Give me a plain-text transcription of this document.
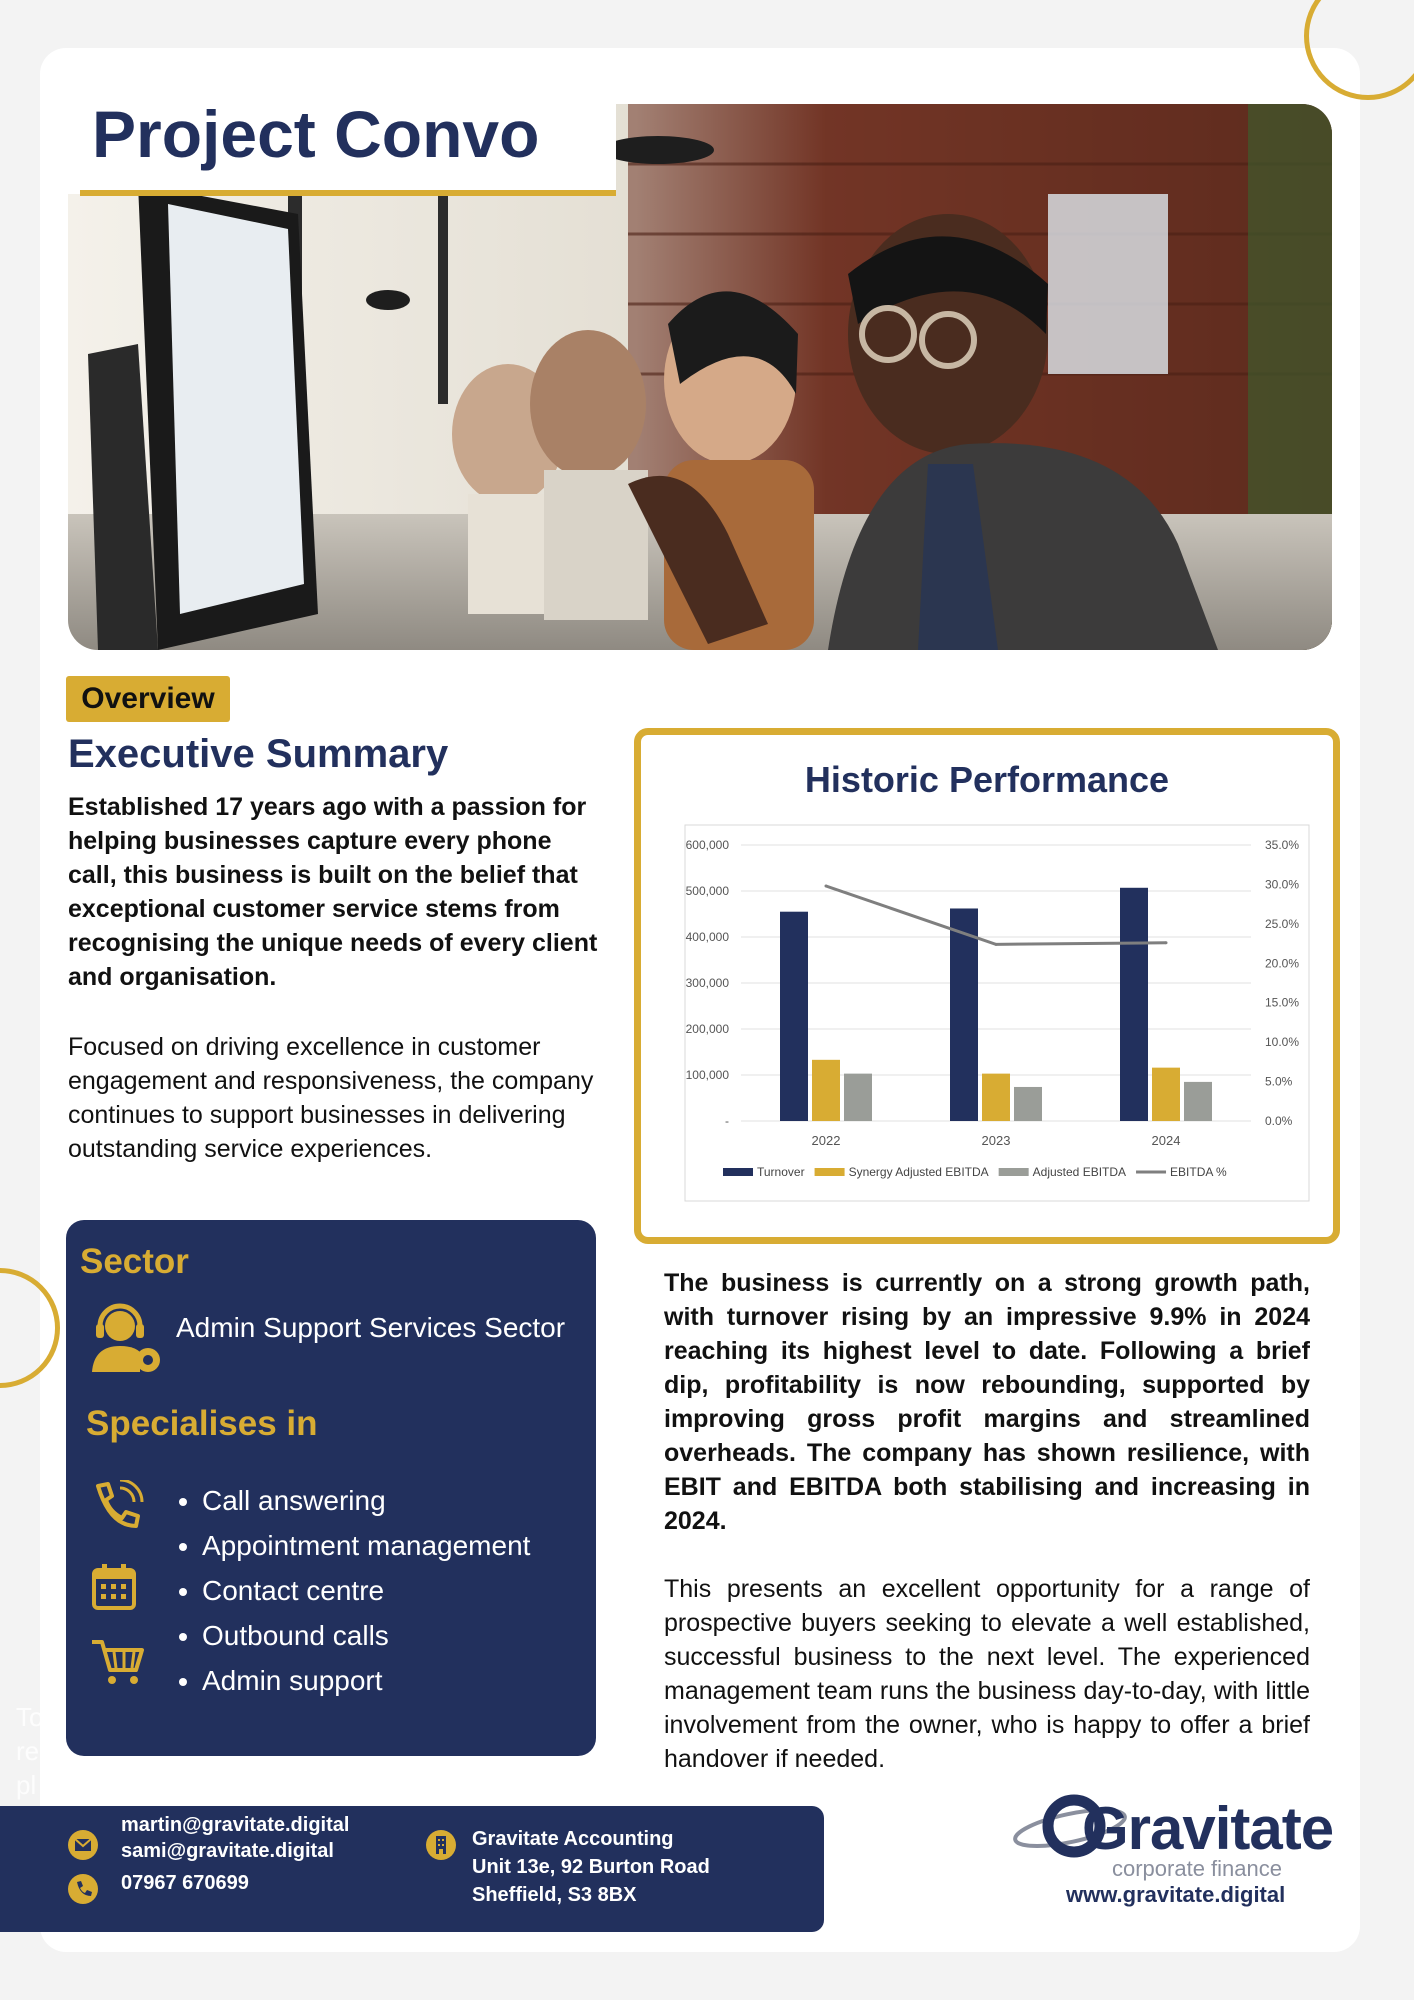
Project Convo
Overview
Executive Summary
Established 17 years ago with a passion for helping businesses capture every phone call, this business is built on the belief that exceptional customer service stems from recognising the unique needs of every client and organisation.
Focused on driving excellence in customer engagement and responsiveness, the company continues to support businesses in delivering outstanding service experiences.
Historic Performance
-
100,000
200,000
300,000
400,000
500,000
600,000
0.0%
5.0%
10.0%
15.0%
20.0%
25.0%
30.0%
35.0%
2022	2023	2024
Turnover	Synergy Adjusted EBITDA	Adjusted EBITDA	EBITDA %
The business is currently on a strong growth path, with turnover rising by an impressive 9.9% in 2024 reaching its highest level to date. Following a brief dip, profitability is now rebounding, supported by improving gross profit margins and streamlined overheads. The company has shown resilience, with EBIT and EBITDA both stabilising and increasing in 2024.
This presents an excellent opportunity for a range of prospective buyers seeking to elevate a well established, successful business to the next level. The experienced management team runs the business day-to-day, with little involvement from the owner, who is happy to offer a brief handover if needed.
Sector
Admin Support Services Sector
Specialises in
• Call answering
• Appointment management
• Contact centre
• Outbound calls
• Admin support
To re pl
martin@gravitate.digital
sami@gravitate.digital
07967 670699
Gravitate Accounting
Unit 13e, 92 Burton Road
Sheffield, S3 8BX
Gravitate
corporate finance
www.gravitate.digital
